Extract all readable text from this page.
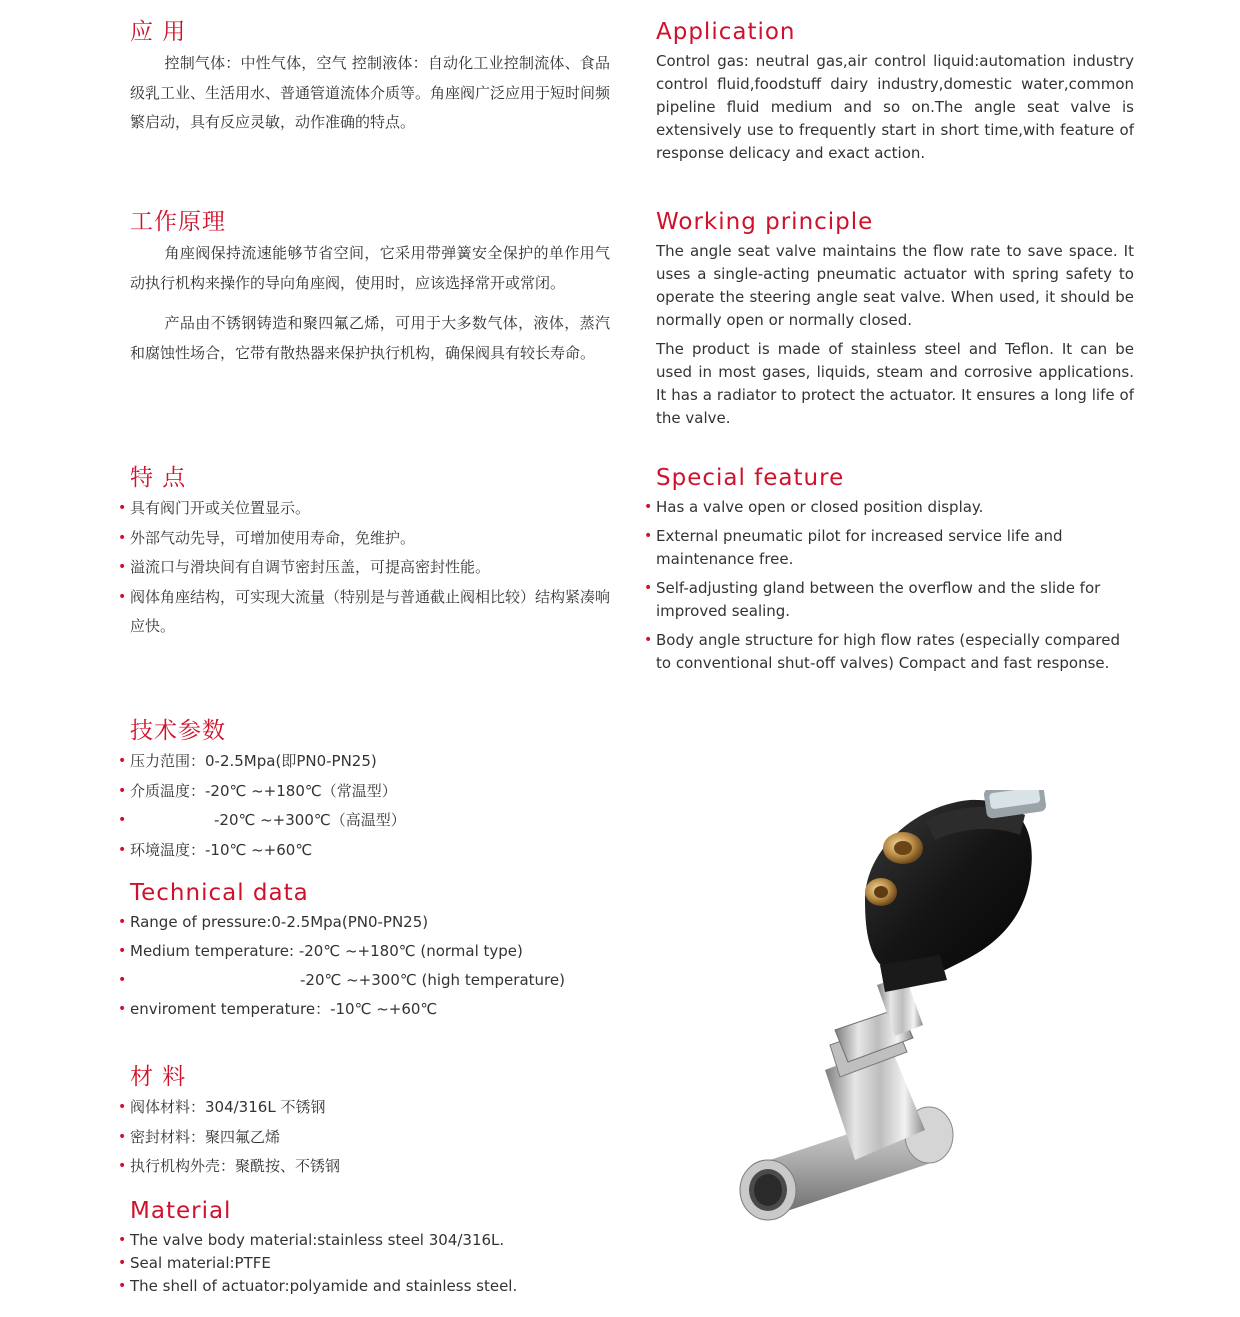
应 用

控制气体：中性气体，空气 控制液体：自动化工业控制流体、食品级乳工业、生活用水、普通管道流体介质等。角座阀广泛应用于短时间频繁启动，具有反应灵敏，动作准确的特点。

Application

Control gas: neutral gas,air control liquid:automation industry control fluid,foodstuff dairy industry,domestic water,common pipeline fluid medium and so on.The angle seat valve is extensively use to frequently start in short time,with feature of response delicacy and exact action.

工作原理

角座阀保持流速能够节省空间，它采用带弹簧安全保护的单作用气动执行机构来操作的导向角座阀，使用时，应该选择常开或常闭。

产品由不锈钢铸造和聚四氟乙烯，可用于大多数气体，液体，蒸汽和腐蚀性场合，它带有散热器来保护执行机构，确保阀具有较长寿命。

Working principle

The angle seat valve maintains the flow rate to save space. It uses a single-acting pneumatic actuator with spring safety to operate the steering angle seat valve. When used, it should be normally open or normally closed.

The product is made of stainless steel and Teflon. It can be used in most gases, liquids, steam and corrosive applications. It has a radiator to protect the actuator. It ensures a long life of the valve.

特 点
• 具有阀门开或关位置显示。
• 外部气动先导，可增加使用寿命，免维护。
• 溢流口与滑块间有自调节密封压盖，可提高密封性能。
• 阀体角座结构，可实现大流量（特别是与普通截止阀相比较）结构紧凑响应快。
Special feature
• Has a valve open or closed position display.
• External pneumatic pilot for increased service life and maintenance free.
• Self-adjusting gland between the overflow and the slide for improved sealing.
• Body angle structure for high flow rates (especially compared to conventional shut-off valves) Compact and fast response.
技术参数
• 压力范围：0-2.5Mpa(即PN0-PN25)
• 介质温度：-20℃ ~+180℃（常温型）
• -20℃ ~+300℃（高温型）
• 环境温度：-10℃ ~+60℃
Technical data
• Range of pressure:0-2.5Mpa(PN0-PN25)
• Medium temperature: -20℃ ~+180℃ (normal type)
• -20℃ ~+300℃ (high temperature)
• enviroment temperature：-10℃ ~+60℃
材 料
• 阀体材料：304/316L 不锈钢
• 密封材料：聚四氟乙烯
• 执行机构外壳：聚酰按、不锈钢
Material
• The valve body material:stainless steel 304/316L.
• Seal material:PTFE
• The shell of actuator:polyamide and stainless steel.
